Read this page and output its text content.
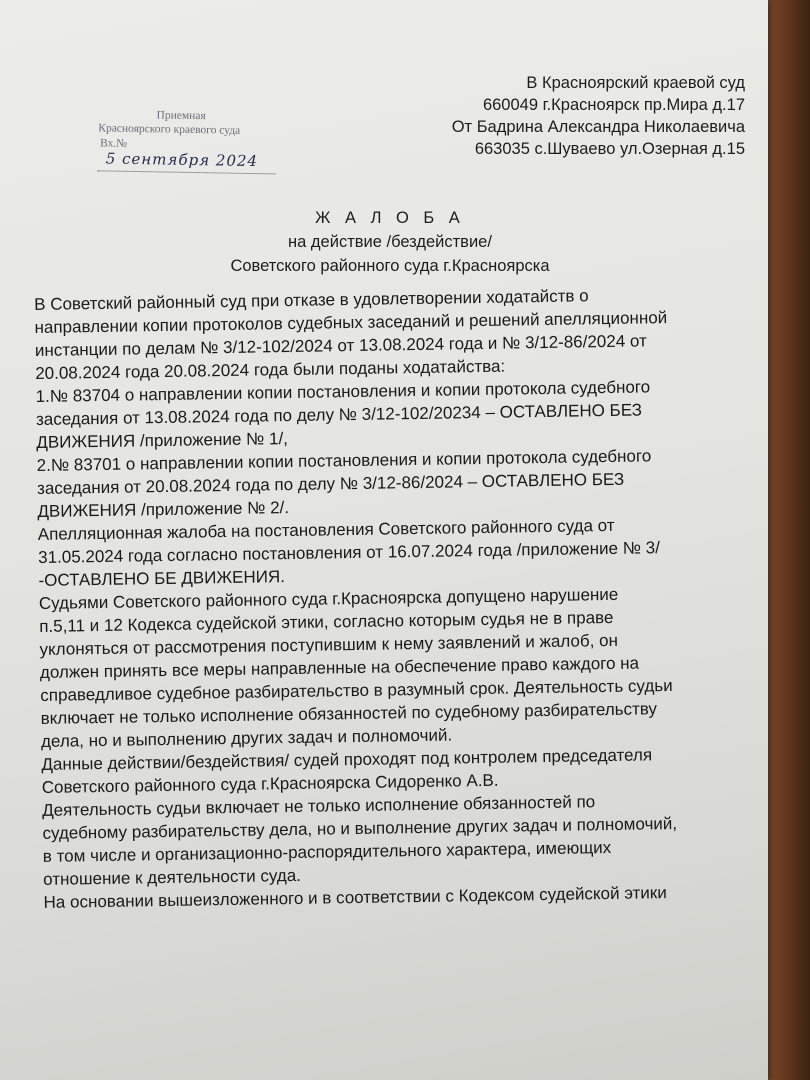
В Красноярский краевой суд
660049 г.Красноярск пр.Мира д.17
От Бадрина Александра Николаевича
663035 с.Шуваево ул.Озерная д.15
Приемная
Красноярского краевого суда
Вх.№
5 сентября 2024
Ж А Л О Б А
на действие /бездействие/
Советского районного суда г.Красноярска
В Советский районный суд при отказе в удовлетворении ходатайств о
направлении копии протоколов судебных заседаний и решений апелляционной
инстанции по делам № 3/12-102/2024 от 13.08.2024 года и № 3/12-86/2024 от
20.08.2024 года 20.08.2024 года были поданы ходатайства:
1.№ 83704 о направлении копии постановления и копии протокола судебного
заседания от 13.08.2024 года по делу № 3/12-102/20234 – ОСТАВЛЕНО БЕЗ
ДВИЖЕНИЯ /приложение № 1/,
2.№ 83701 о направлении копии постановления и копии протокола судебного
заседания от 20.08.2024 года по делу № 3/12-86/2024 – ОСТАВЛЕНО БЕЗ
ДВИЖЕНИЯ /приложение № 2/.
Апелляционная жалоба на постановления Советского районного суда от
31.05.2024 года согласно постановления от 16.07.2024 года /приложение № 3/
-ОСТАВЛЕНО БЕ ДВИЖЕНИЯ.
Судьями Советского районного суда г.Красноярска допущено нарушение
п.5,11 и 12 Кодекса судейской этики, согласно которым судья не в праве
уклоняться от рассмотрения поступившим к нему заявлений и жалоб, он
должен принять все меры направленные на обеспечение право каждого на
справедливое судебное разбирательство в разумный срок. Деятельность судьи
включает не только исполнение обязанностей по судебному разбирательству
дела, но и выполнению других задач и полномочий.
Данные действии/бездействия/ судей проходят под контролем председателя
Советского районного суда г.Красноярска Сидоренко А.В.
Деятельность судьи включает не только исполнение обязанностей по
судебному разбирательству дела, но и выполнение других задач и полномочий,
в том числе и организационно-распорядительного характера, имеющих
отношение к деятельности суда.
На основании вышеизложенного и в соответствии с Кодексом судейской этики
